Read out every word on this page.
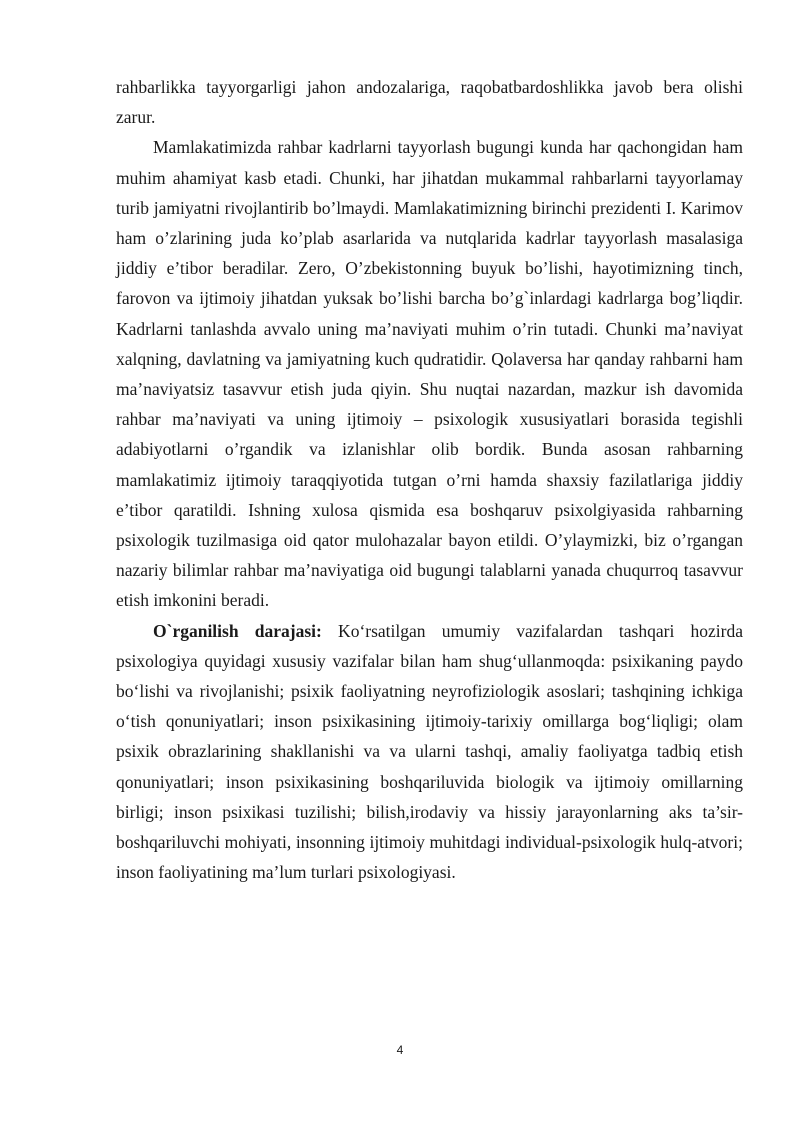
rahbarlikka tayyorgarligi jahon andozalariga, raqobatbardoshlikka javob bera olishi zarur.

Mamlakatimizda rahbar kadrlarni tayyorlash bugungi kunda har qachongidan ham muhim ahamiyat kasb etadi. Chunki, har jihatdan mukammal rahbarlarni tayyorlamay turib jamiyatni rivojlantirib bo’lmaydi. Mamlakatimizning birinchi prezidenti I. Karimov ham o’zlarining juda ko’plab asarlarida va nutqlarida kadrlar tayyorlash masalasiga jiddiy e’tibor beradilar. Zero, O’zbekistonning buyuk bo’lishi, hayotimizning tinch, farovon va ijtimoiy jihatdan yuksak bo’lishi barcha bo’g`inlardagi kadrlarga bog’liqdir. Kadrlarni tanlashda avvalo uning ma’naviyati muhim o’rin tutadi. Chunki ma’naviyat xalqning, davlatning va jamiyatning kuch qudratidir. Qolaversa har qanday rahbarni ham ma’naviyatsiz tasavvur etish juda qiyin. Shu nuqtai nazardan, mazkur ish davomida rahbar ma’naviyati va uning ijtimoiy – psixologik xususiyatlari borasida tegishli adabiyotlarni o’rgandik va izlanishlar olib bordik. Bunda asosan rahbarning mamlakatimiz ijtimoiy taraqqiyotida tutgan o’rni hamda shaxsiy fazilatlariga jiddiy e’tibor qaratildi. Ishning xulosa qismida esa boshqaruv psixolgiyasida rahbarning psixologik tuzilmasiga oid qator mulohazalar bayon etildi. O’ylaymizki, biz o’rgangan nazariy bilimlar rahbar ma’naviyatiga oid bugungi talablarni yanada chuqurroq tasavvur etish imkonini beradi.

O`rganilish darajasi: Ko‘rsatilgan umumiy vazifalardan tashqari hozirda psixologiya quyidagi xususiy vazifalar bilan ham shug‘ullanmoqda: psixikaning paydo bo‘lishi va rivojlanishi; psixik faoliyatning neyrofiziologik asoslari; tashqining ichkiga o‘tish qonuniyatlari; inson psixikasining ijtimoiy-tarixiy omillarga bog‘liqligi; olam psixik obrazlarining shakllanishi va va ularni tashqi, amaliy faoliyatga tadbiq etish qonuniyatlari; inson psixikasining boshqariluvida biologik va ijtimoiy omillarning birligi; inson psixikasi tuzilishi; bilish,irodaviy va hissiy jarayonlarning aks ta’sir-boshqariluvchi mohiyati, insonning ijtimoiy muhitdagi individual-psixologik hulq-atvori; inson faoliyatining ma’lum turlari psixologiyasi.

4
